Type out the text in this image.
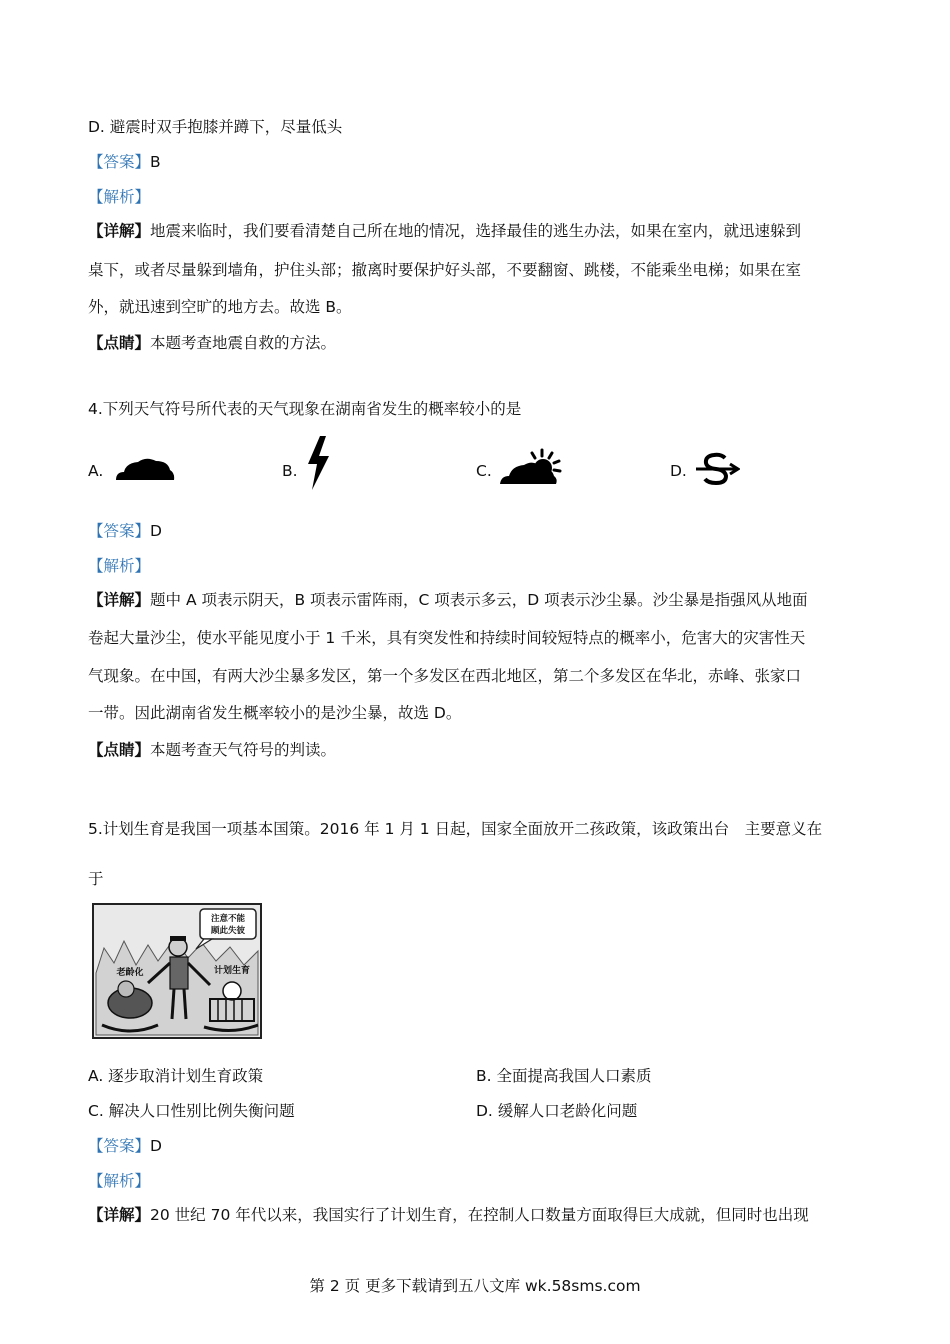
D. 避震时双手抱膝并蹲下，尽量低头
【答案】B
【解析】
【详解】地震来临时，我们要看清楚自己所在地的情况，选择最佳的逃生办法，如果在室内，就迅速躲到
桌下，或者尽量躲到墙角，护住头部；撤离时要保护好头部，不要翻窗、跳楼，不能乘坐电梯；如果在室
外，就迅速到空旷的地方去。故选 B。
【点睛】本题考查地震自救的方法。
4.下列天气符号所代表的天气现象在湖南省发生的概率较小的是
A.	B.	C.	D.
【答案】D
【解析】
【详解】题中 A 项表示阴天，B 项表示雷阵雨，C 项表示多云，D 项表示沙尘暴。沙尘暴是指强风从地面
卷起大量沙尘，使水平能见度小于 1 千米，具有突发性和持续时间较短特点的概率小，危害大的灾害性天
气现象。在中国，有两大沙尘暴多发区，第一个多发区在西北地区，第二个多发区在华北，赤峰、张家口
一带。因此湖南省发生概率较小的是沙尘暴，故选 D。
【点睛】本题考查天气符号的判读。
5.计划生育是我国一项基本国策。2016 年 1 月 1 日起，国家全面放开二孩政策，该政策出台　主要意义在
于
注意不能
顾此失彼
老龄化	计划生育
A. 逐步取消计划生育政策	B. 全面提高我国人口素质
C. 解决人口性别比例失衡问题	D. 缓解人口老龄化问题
【答案】D
【解析】
【详解】20 世纪 70 年代以来，我国实行了计划生育，在控制人口数量方面取得巨大成就，但同时也出现
第 2 页 更多下载请到五八文库 wk.58sms.com
